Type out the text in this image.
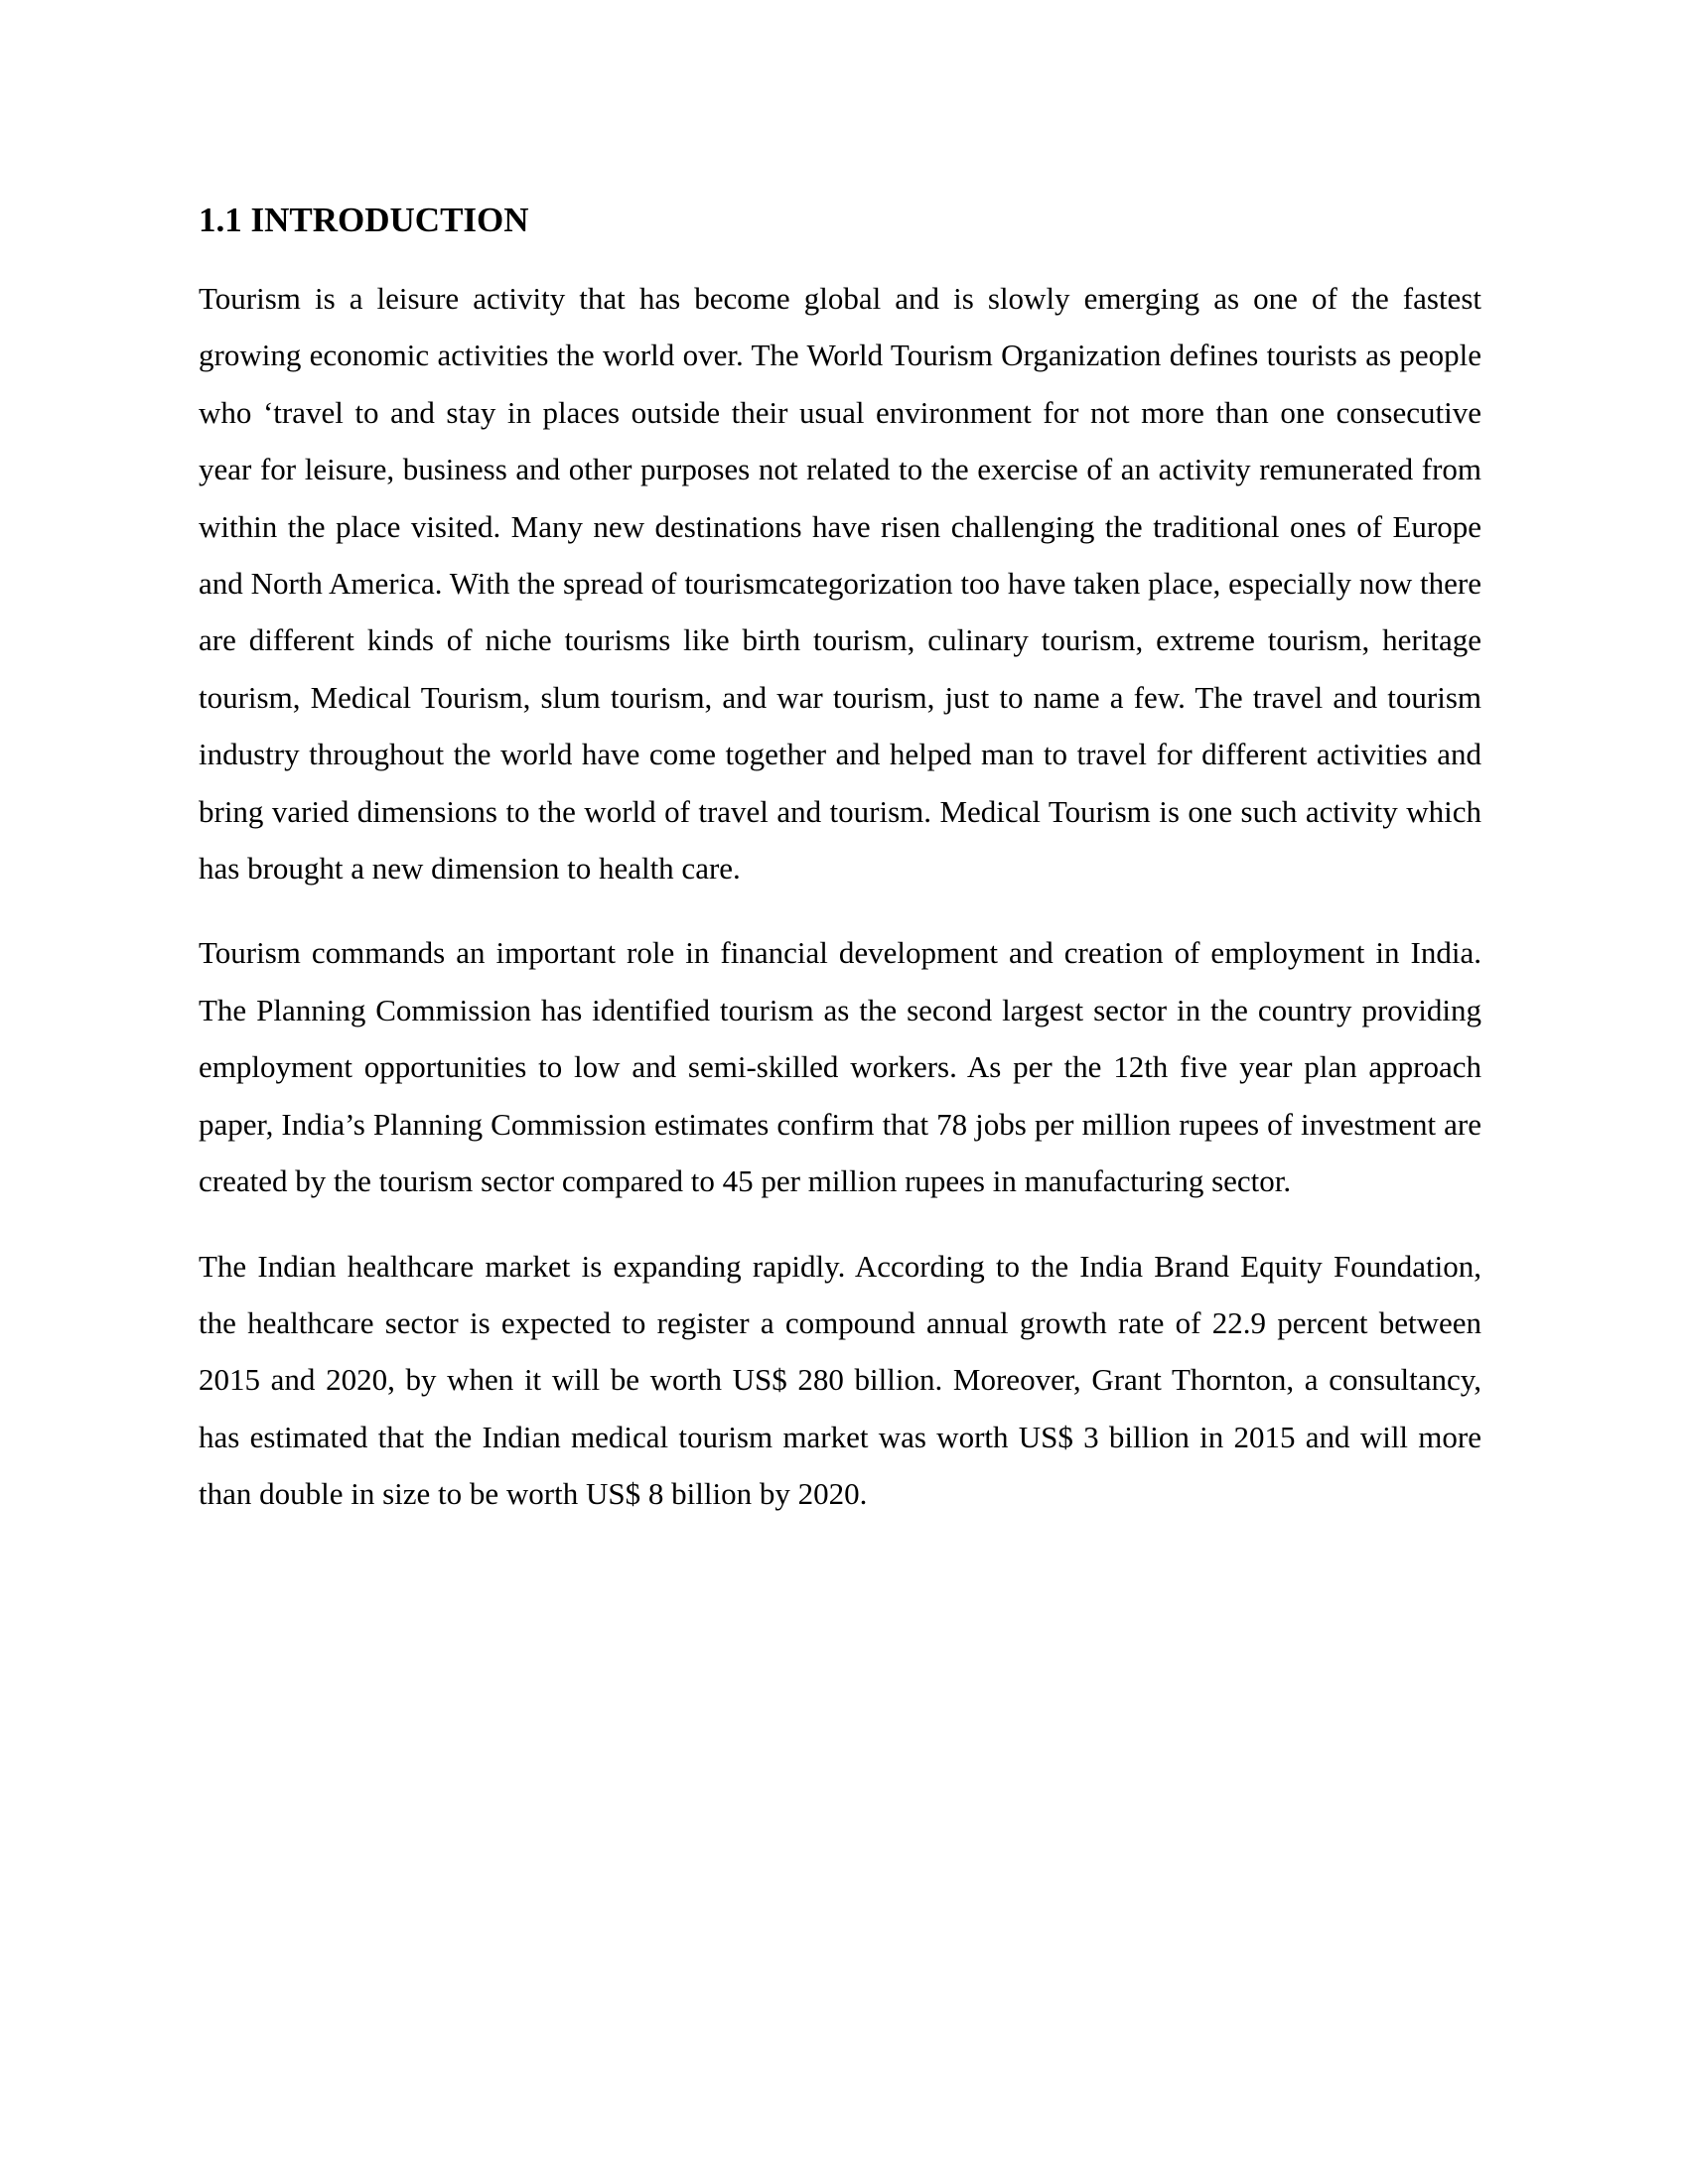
1.1 INTRODUCTION

Tourism is a leisure activity that has become global and is slowly emerging as one of the fastest growing economic activities the world over. The World Tourism Organization defines tourists as people who ‘travel to and stay in places outside their usual environment for not more than one consecutive year for leisure, business and other purposes not related to the exercise of an activity remunerated from within the place visited. Many new destinations have risen challenging the traditional ones of Europe and North America. With the spread of tourismcategorization too have taken place, especially now there are different kinds of niche tourisms like birth tourism, culinary tourism, extreme tourism, heritage tourism, Medical Tourism, slum tourism, and war tourism, just to name a few. The travel and tourism industry throughout the world have come together and helped man to travel for different activities and bring varied dimensions to the world of travel and tourism. Medical Tourism is one such activity which has brought a new dimension to health care.

Tourism commands an important role in financial development and creation of employment in India. The Planning Commission has identified tourism as the second largest sector in the country providing employment opportunities to low and semi-skilled workers. As per the 12th five year plan approach paper, India’s Planning Commission estimates confirm that 78 jobs per million rupees of investment are created by the tourism sector compared to 45 per million rupees in manufacturing sector.

The Indian healthcare market is expanding rapidly. According to the India Brand Equity Foundation, the healthcare sector is expected to register a compound annual growth rate of 22.9 percent between 2015 and 2020, by when it will be worth US$ 280 billion. Moreover, Grant Thornton, a consultancy, has estimated that the Indian medical tourism market was worth US$ 3 billion in 2015 and will more than double in size to be worth US$ 8 billion by 2020.
